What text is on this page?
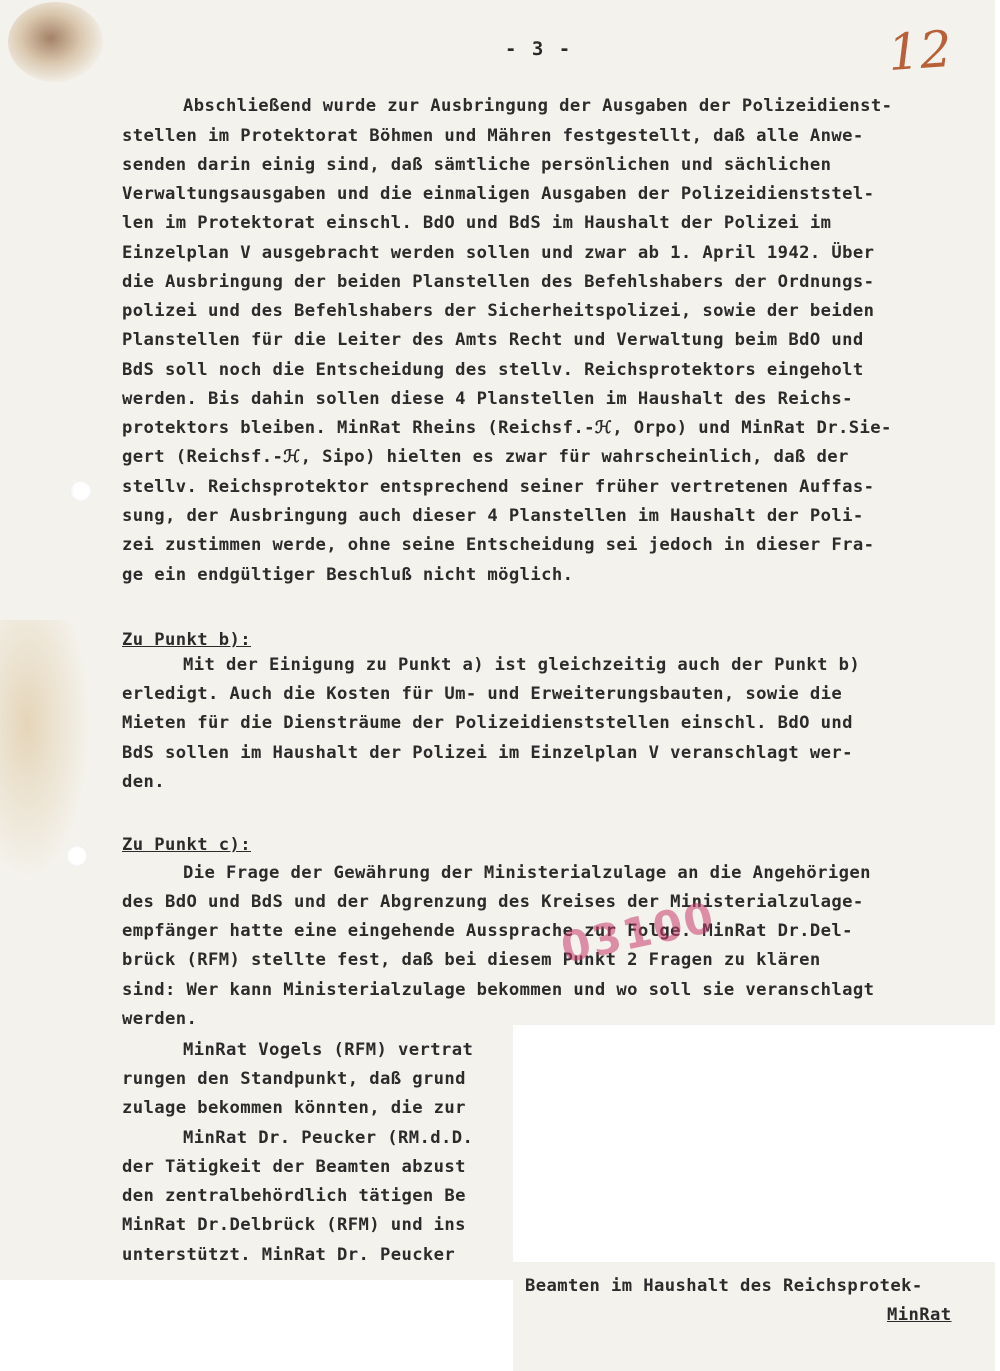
- 3 -	12
Abschließend wurde zur Ausbringung der Ausgaben der Polizeidienst-
stellen im Protektorat Böhmen und Mähren festgestellt, daß alle Anwe-
senden darin einig sind, daß sämtliche persönlichen und sächlichen
Verwaltungsausgaben und die einmaligen Ausgaben der Polizeidienststel-
len im Protektorat einschl. BdO und BdS im Haushalt der Polizei im
Einzelplan V ausgebracht werden sollen und zwar ab 1. April 1942. Über
die Ausbringung der beiden Planstellen des Befehlshabers der Ordnungs-
polizei und des Befehlshabers der Sicherheitspolizei, sowie der beiden
Planstellen für die Leiter des Amts Recht und Verwaltung beim BdO und
BdS soll noch die Entscheidung des stellv. Reichsprotektors eingeholt
werden. Bis dahin sollen diese 4 Planstellen im Haushalt des Reichs-
protektors bleiben. MinRat Rheins (Reichsf.-ℋ, Orpo) und MinRat Dr.Sie-
gert (Reichsf.-ℋ, Sipo) hielten es zwar für wahrscheinlich, daß der
stellv. Reichsprotektor entsprechend seiner früher vertretenen Auffas-
sung, der Ausbringung auch dieser 4 Planstellen im Haushalt der Poli-
zei zustimmen werde, ohne seine Entscheidung sei jedoch in dieser Fra-
ge ein endgültiger Beschluß nicht möglich.
Zu Punkt b):
Mit der Einigung zu Punkt a) ist gleichzeitig auch der Punkt b)
erledigt. Auch die Kosten für Um- und Erweiterungsbauten, sowie die
Mieten für die Diensträume der Polizeidienststellen einschl. BdO und
BdS sollen im Haushalt der Polizei im Einzelplan V veranschlagt wer-
den.
Zu Punkt c):
Die Frage der Gewährung der Ministerialzulage an die Angehörigen
des BdO und BdS und der Abgrenzung des Kreises der Ministerialzulage-
empfänger hatte eine eingehende Aussprache zur Folge. MinRat Dr.Del-
brück (RFM) stellte fest, daß bei diesem Punkt 2 Fragen zu klären
sind: Wer kann Ministerialzulage bekommen und wo soll sie veranschlagt
werden.
03100
MinRat Vogels (RFM) vertrat
rungen den Standpunkt, daß grund
zulage bekommen könnten, die zur
MinRat Dr. Peucker (RM.d.D.
der Tätigkeit der Beamten abzust
den zentralbehördlich tätigen Be
MinRat Dr.Delbrück (RFM) und ins
unterstützt. MinRat Dr. Peucker
Beamten im Haushalt des Reichsprotek-
MinRat
